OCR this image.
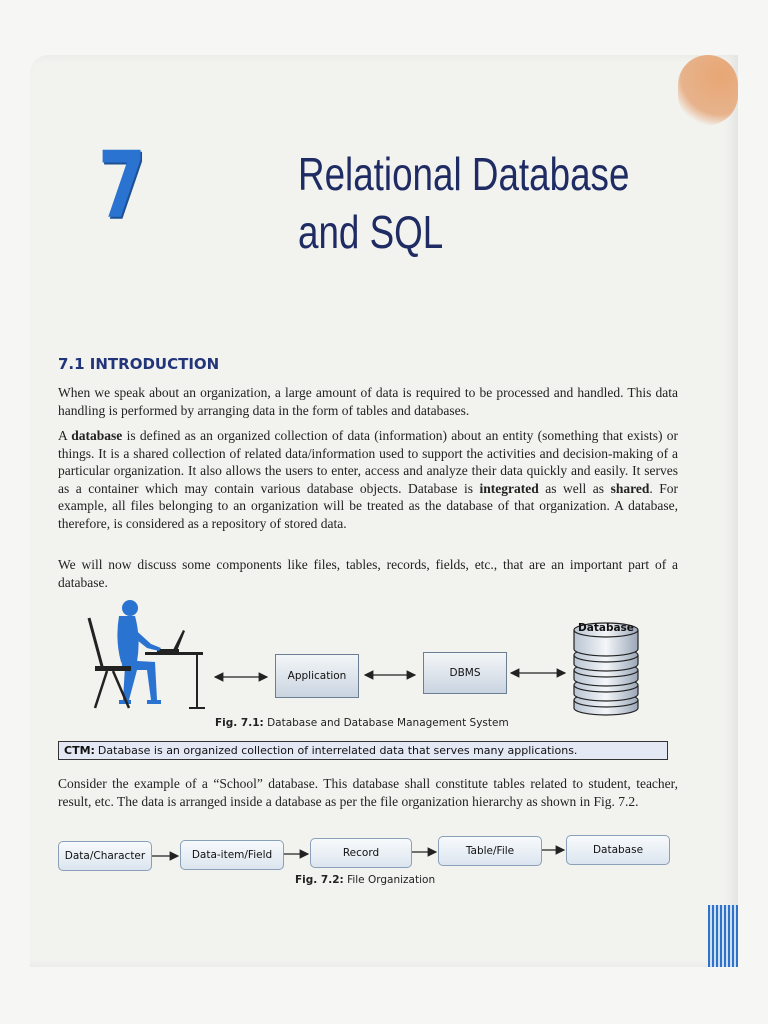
7	Relational Database
and SQL
7.1 INTRODUCTION

When we speak about an organization, a large amount of data is required to be processed and handled. This data handling is performed by arranging data in the form of tables and databases.

A database is defined as an organized collection of data (information) about an entity (something that exists) or things. It is a shared collection of related data/information used to support the activities and decision-making of a particular organization. It also allows the users to enter, access and analyze their data quickly and easily. It serves as a container which may contain various database objects. Database is integrated as well as shared. For example, all files belonging to an organization will be treated as the database of that organization. A database, therefore, is considered as a repository of stored data.

We will now discuss some components like files, tables, records, fields, etc., that are an important part of a database.

Application	DBMS
Database
Fig. 7.1: Database and Database Management System
CTM: Database is an organized collection of interrelated data that serves many applications.

Consider the example of a “School” database. This database shall constitute tables related to student, teacher, result, etc. The data is arranged inside a database as per the file organization hierarchy as shown in Fig. 7.2.

Data/Character	Data-item/Field	Record	Table/File	Database
Fig. 7.2: File Organization
